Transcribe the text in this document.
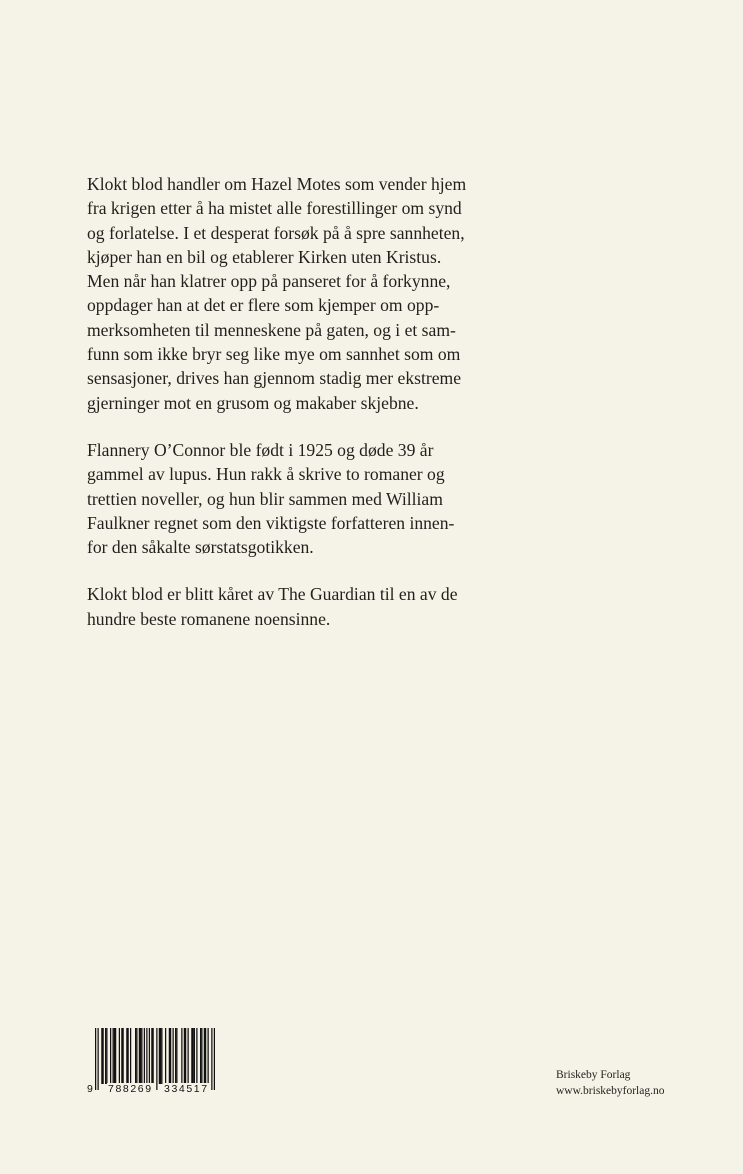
Klokt blod handler om Hazel Motes som vender hjem
fra krigen etter å ha mistet alle forestillinger om synd
og forlatelse. I et desperat forsøk på å spre sannheten,
kjøper han en bil og etablerer Kirken uten Kristus.
Men når han klatrer opp på panseret for å forkynne,
oppdager han at det er flere som kjemper om opp-
merksomheten til menneskene på gaten, og i et sam-
funn som ikke bryr seg like mye om sannhet som om
sensasjoner, drives han gjennom stadig mer ekstreme
gjerninger mot en grusom og makaber skjebne.

Flannery O’Connor ble født i 1925 og døde 39 år
gammel av lupus. Hun rakk å skrive to romaner og
trettien noveller, og hun blir sammen med William
Faulkner regnet som den viktigste forfatteren innen-
for den såkalte sørstatsgotikken.

Klokt blod er blitt kåret av The Guardian til en av de
hundre beste romanene noensinne.

9 788269 334517
Briskeby Forlag
www.briskebyforlag.no
